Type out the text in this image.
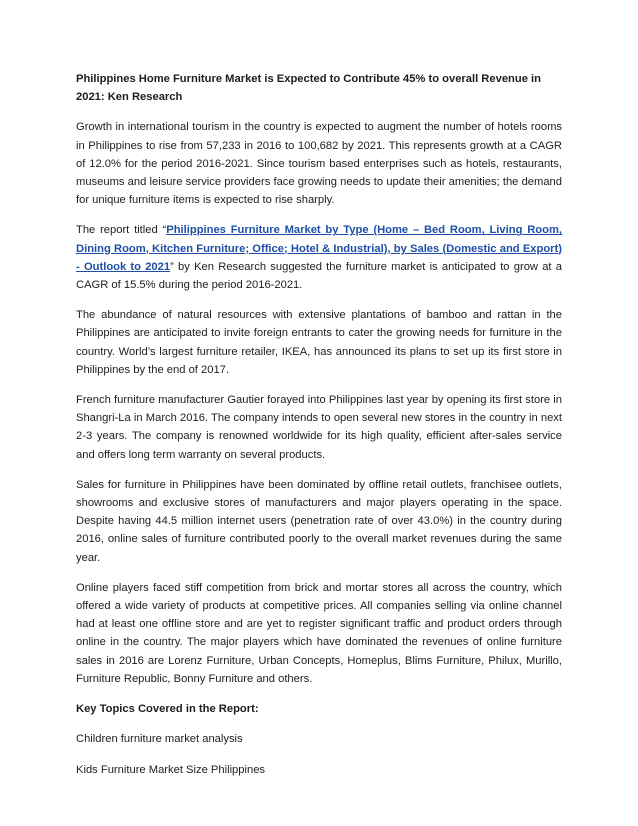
Philippines Home Furniture Market is Expected to Contribute 45% to overall Revenue in 2021: Ken Research

Growth in international tourism in the country is expected to augment the number of hotels rooms in Philippines to rise from 57,233 in 2016 to 100,682 by 2021. This represents growth at a CAGR of 12.0% for the period 2016-2021. Since tourism based enterprises such as hotels, restaurants, museums and leisure service providers face growing needs to update their amenities; the demand for unique furniture items is expected to rise sharply.

The report titled “Philippines Furniture Market by Type (Home – Bed Room, Living Room, Dining Room, Kitchen Furniture; Office; Hotel & Industrial), by Sales (Domestic and Export) - Outlook to 2021” by Ken Research suggested the furniture market is anticipated to grow at a CAGR of 15.5% during the period 2016-2021.

The abundance of natural resources with extensive plantations of bamboo and rattan in the Philippines are anticipated to invite foreign entrants to cater the growing needs for furniture in the country. World’s largest furniture retailer, IKEA, has announced its plans to set up its first store in Philippines by the end of 2017.

French furniture manufacturer Gautier forayed into Philippines last year by opening its first store in Shangri-La in March 2016. The company intends to open several new stores in the country in next 2-3 years. The company is renowned worldwide for its high quality, efficient after-sales service and offers long term warranty on several products.

Sales for furniture in Philippines have been dominated by offline retail outlets, franchisee outlets, showrooms and exclusive stores of manufacturers and major players operating in the space. Despite having 44.5 million internet users (penetration rate of over 43.0%) in the country during 2016, online sales of furniture contributed poorly to the overall market revenues during the same year.

Online players faced stiff competition from brick and mortar stores all across the country, which offered a wide variety of products at competitive prices. All companies selling via online channel had at least one offline store and are yet to register significant traffic and product orders through online in the country. The major players which have dominated the revenues of online furniture sales in 2016 are Lorenz Furniture, Urban Concepts, Homeplus, Blims Furniture, Philux, Murillo, Furniture Republic, Bonny Furniture and others.

Key Topics Covered in the Report:

Children furniture market analysis

Kids Furniture Market Size Philippines
